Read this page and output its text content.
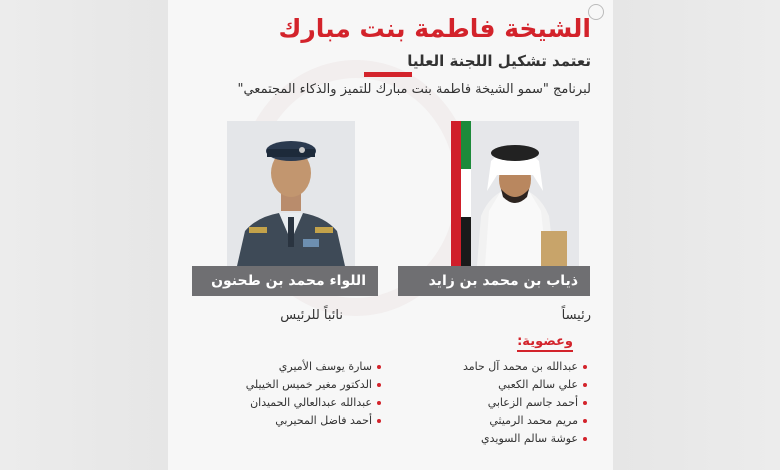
الشيخة فاطمة بنت مبارك
تعتمد تشكيل اللجنة العليا
لبرنامج "سمو الشيخة فاطمة بنت مبارك للتميز والذكاء المجتمعي"
اللواء محمد بن طحنون	ذياب بن محمد بن زايد
نائباً للرئيس	رئيساً
وعضوية:
عبدالله بن محمد آل حامد
علي سالم الكعبي
أحمد جاسم الزعابي
مريم محمد الرميثي
عوشة سالم السويدي
سارة يوسف الأميري
الدكتور مغير خميس الخييلي
عبدالله عبدالعالي الحميدان
أحمد فاضل المحيربي
